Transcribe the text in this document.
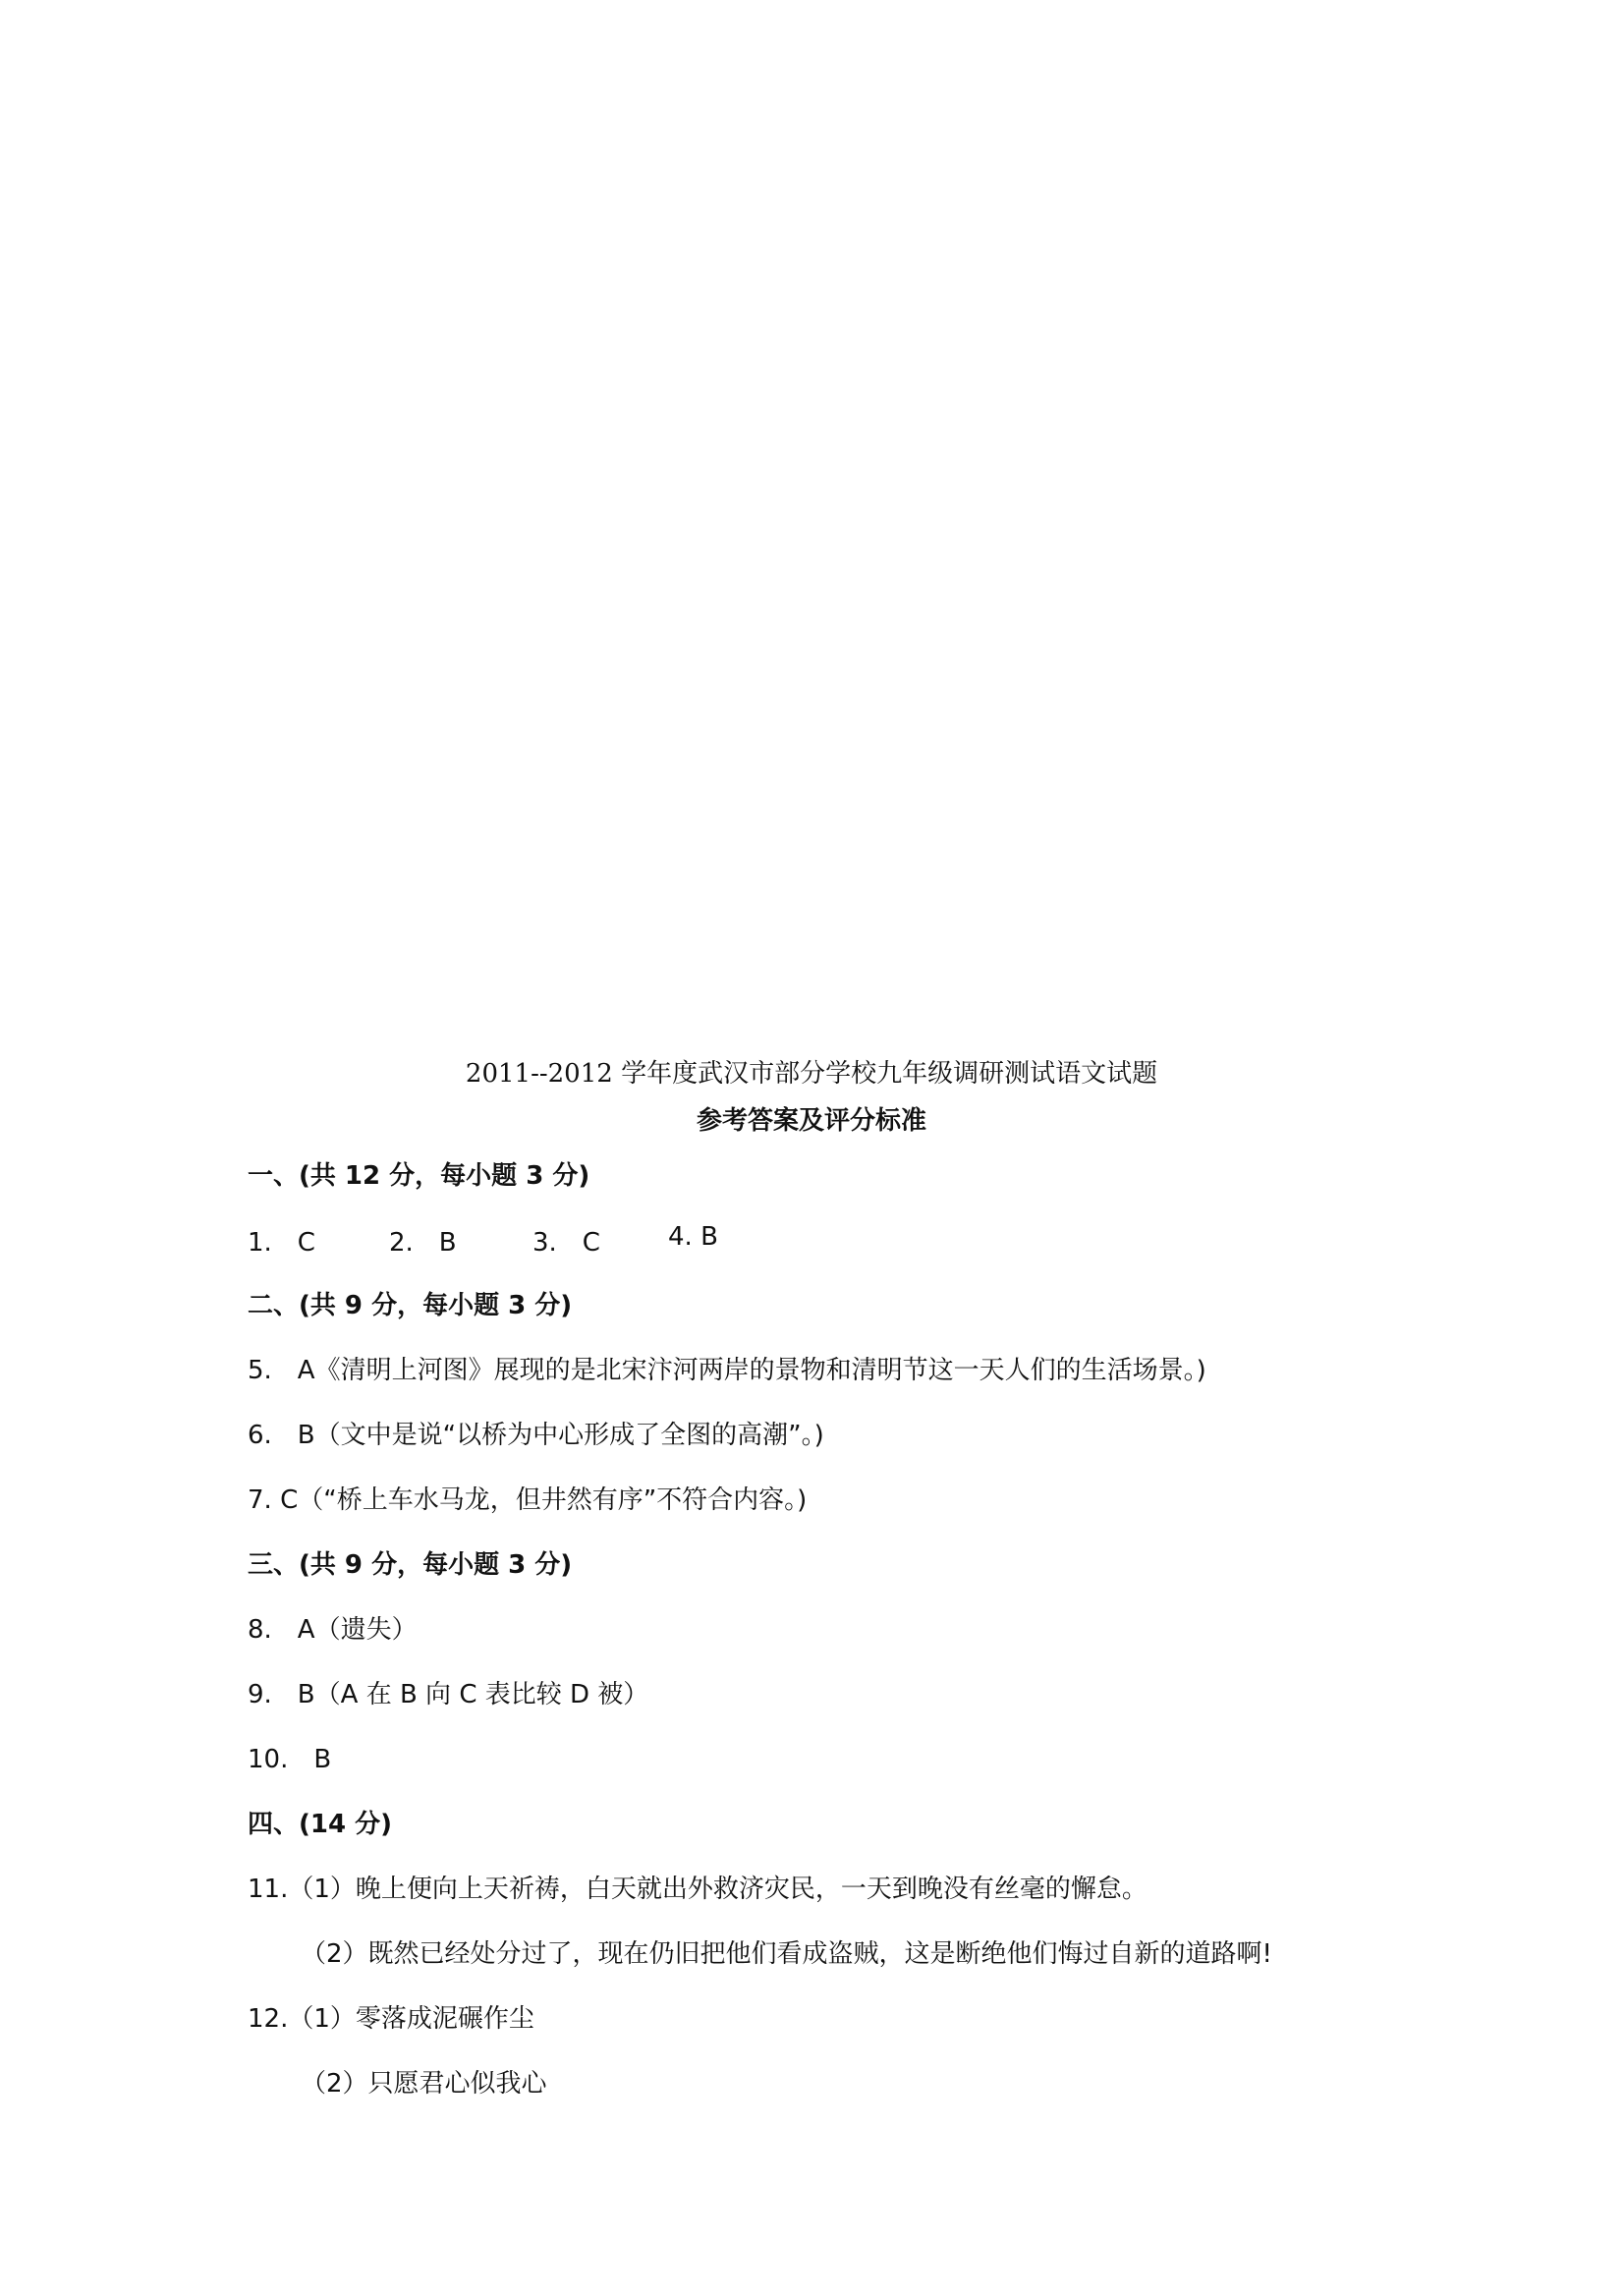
2011--2012 学年度武汉市部分学校九年级调研测试语文试题
参考答案及评分标准
一、(共 12 分，每小题 3 分)
1.　C	2.　B	3.　C	4. B
二、(共 9 分，每小题 3 分)
5.　A《清明上河图》展现的是北宋汴河两岸的景物和清明节这一天人们的生活场景。)
6.　B（文中是说“以桥为中心形成了全图的高潮”。)
7. C（“桥上车水马龙，但井然有序”不符合内容。)
三、(共 9 分，每小题 3 分)
8.　A（遗失）
9.　B（A 在 B 向 C 表比较 D 被）
10.　B
四、(14 分)
11.（1）晚上便向上天祈祷，白天就出外救济灾民，一天到晚没有丝毫的懈怠。
（2）既然已经处分过了，现在仍旧把他们看成盗贼，这是断绝他们悔过自新的道路啊!
12.（1）零落成泥碾作尘
（2）只愿君心似我心
